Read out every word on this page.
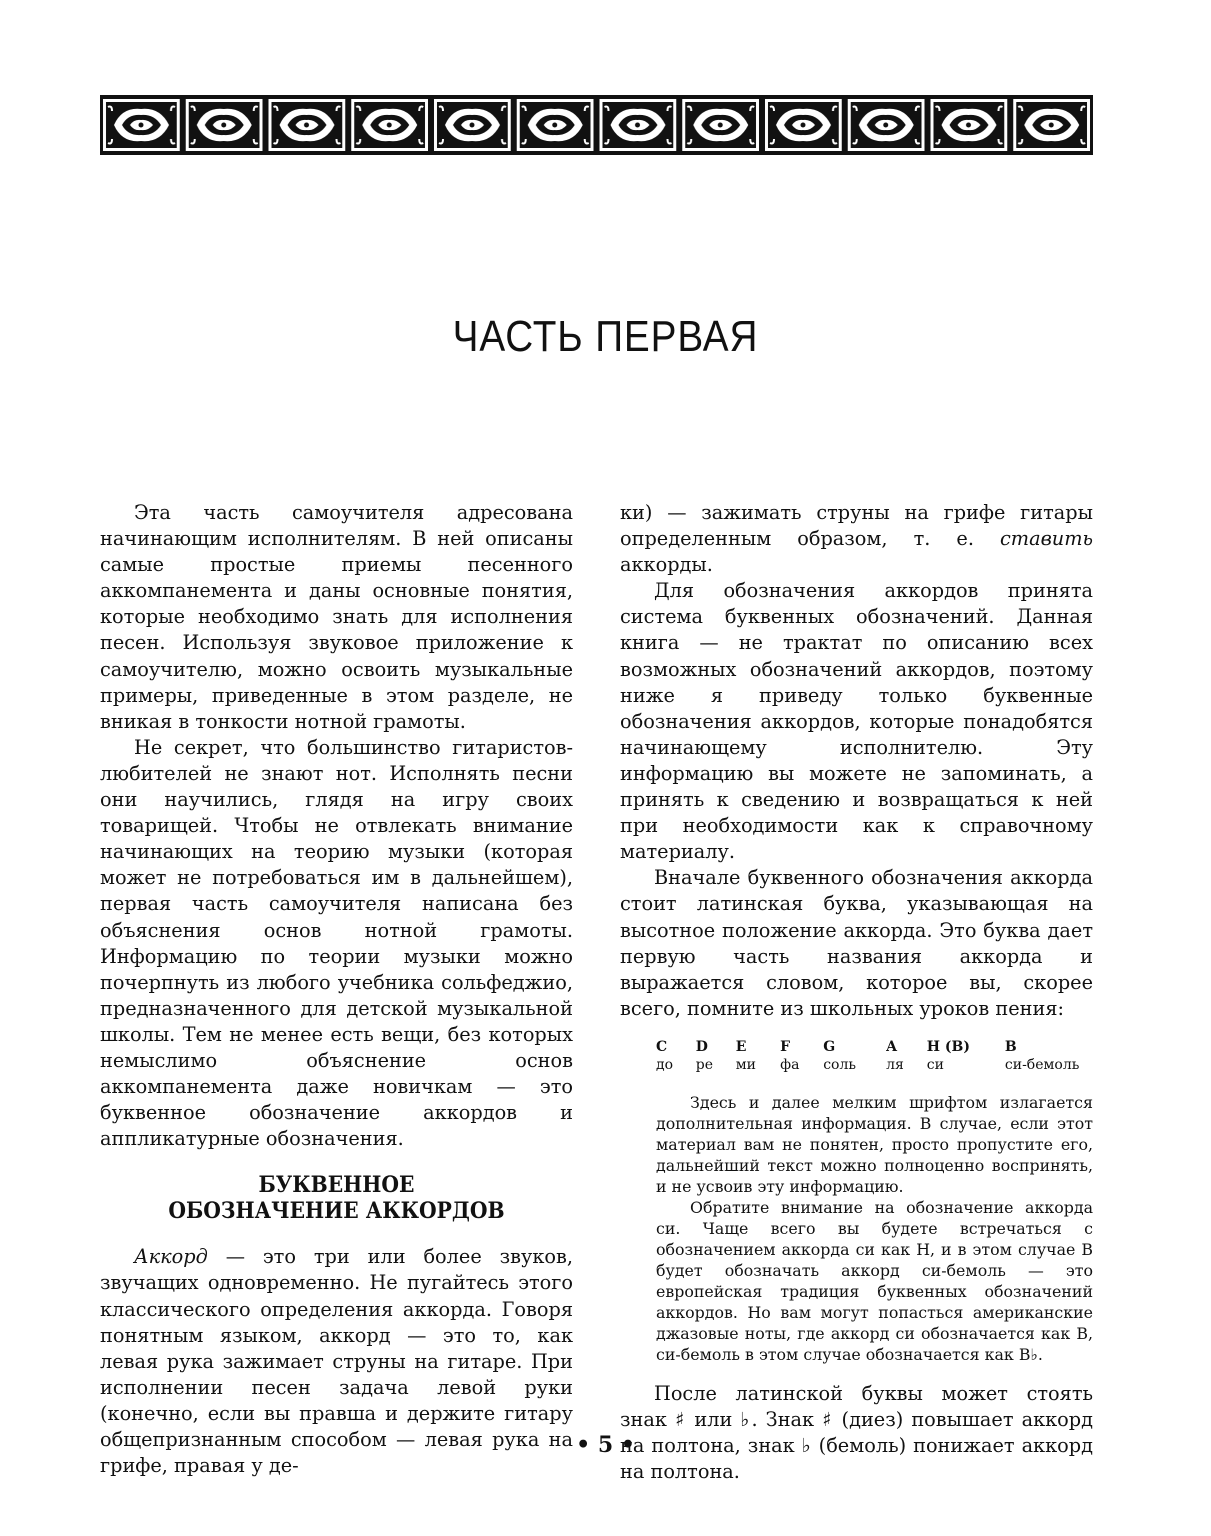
ЧАСТЬ ПЕРВАЯ

Эта часть самоучителя адресована начинающим исполнителям. В ней описаны самые простые приемы песенного аккомпанемента и даны основные понятия, которые необходимо знать для исполнения песен. Используя звуковое приложение к самоучителю, можно освоить музыкальные примеры, приведенные в этом разделе, не вникая в тонкости нотной грамоты.

Не секрет, что большинство гитаристов-любителей не знают нот. Исполнять песни они научились, глядя на игру своих товарищей. Чтобы не отвлекать внимание начинающих на теорию музыки (которая может не потребоваться им в дальнейшем), первая часть самоучителя написана без объяснения основ нотной грамоты. Информацию по теории музыки можно почерпнуть из любого учебника сольфеджио, предназначенного для детской музыкальной школы. Тем не менее есть вещи, без которых немыслимо объяснение основ аккомпанемента даже новичкам — это буквенное обозначение аккордов и аппликатурные обозначения.

БУКВЕННОЕ
ОБОЗНАЧЕНИЕ АККОРДОВ

Аккорд — это три или более звуков, звучащих одновременно. Не пугайтесь этого классического определения аккорда. Говоря понятным языком, аккорд — это то, как левая рука зажимает струны на гитаре. При исполнении песен задача левой руки (конечно, если вы правша и держите гитару общепризнанным способом — левая рука на грифе, правая у де-

ки) — зажимать струны на грифе гитары определенным образом, т. е. ставить аккорды.

Для обозначения аккордов принята система буквенных обозначений. Данная книга — не трактат по описанию всех возможных обозначений аккордов, поэтому ниже я приведу только буквенные обозначения аккордов, которые понадобятся начинающему исполнителю. Эту информацию вы можете не запоминать, а принять к сведению и возвращаться к ней при необходимости как к справочному материалу.

Вначале буквенного обозначения аккорда стоит латинская буква, указывающая на высотное положение аккорда. Это буква дает первую часть названия аккорда и выражается словом, которое вы, скорее всего, помните из школьных уроков пения:

C	D	E	F	G	A	H (B)	B
до	ре	ми	фа	соль	ля	си	си-бемоль

Здесь и далее мелким шрифтом излагается дополнительная информация. В случае, если этот материал вам не понятен, просто пропустите его, дальнейший текст можно полноценно воспринять, и не усвоив эту информацию.

Обратите внимание на обозначение аккорда си. Чаще всего вы будете встречаться с обозначением аккорда си как H, и в этом случае B будет обозначать аккорд си-бемоль — это европейская традиция буквенных обозначений аккордов. Но вам могут попасться американские джазовые ноты, где аккорд си обозначается как B, си-бемоль в этом случае обозначается как B♭.

После латинской буквы может стоять знак ♯ или ♭. Знак ♯ (диез) повышает аккорд на полтона, знак ♭ (бемоль) понижает аккорд на полтона.

• 5 •
